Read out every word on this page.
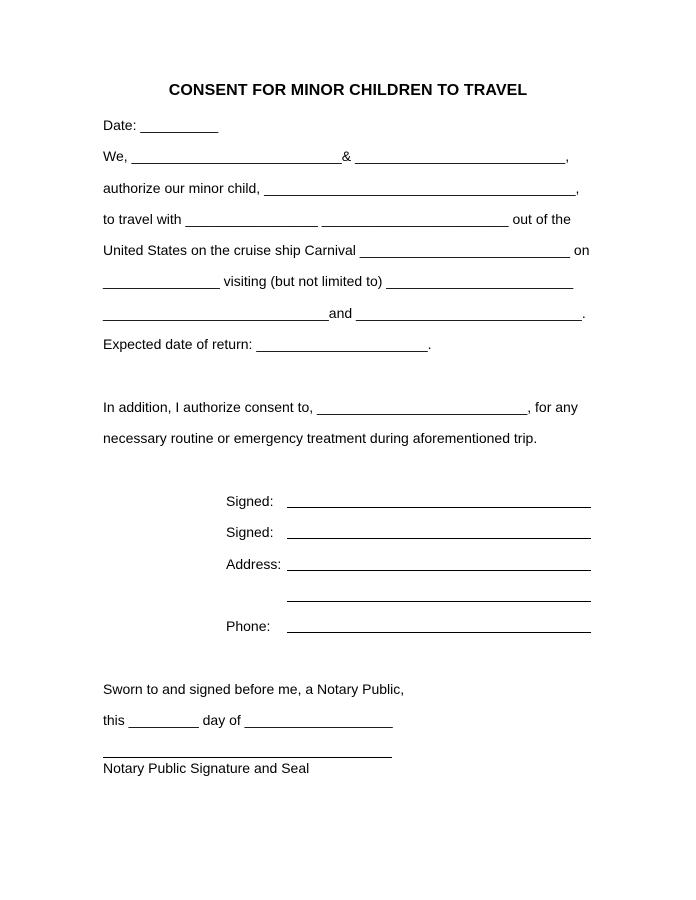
CONSENT FOR MINOR CHILDREN TO TRAVEL
Date: __________
We, ___________________________& ___________________________,
authorize our minor child, ________________________________________,
to travel with _________________ ________________________ out of the
United States on the cruise ship Carnival ___________________________ on
_______________ visiting (but not limited to) ________________________
_____________________________and _____________________________.
Expected date of return: ______________________.
In addition, I authorize consent to, ___________________________, for any
necessary routine or emergency treatment during aforementioned trip.
Signed:
Signed:
Address:
Phone:
Sworn to and signed before me, a Notary Public,
this _________ day of ___________________
Notary Public Signature and Seal
